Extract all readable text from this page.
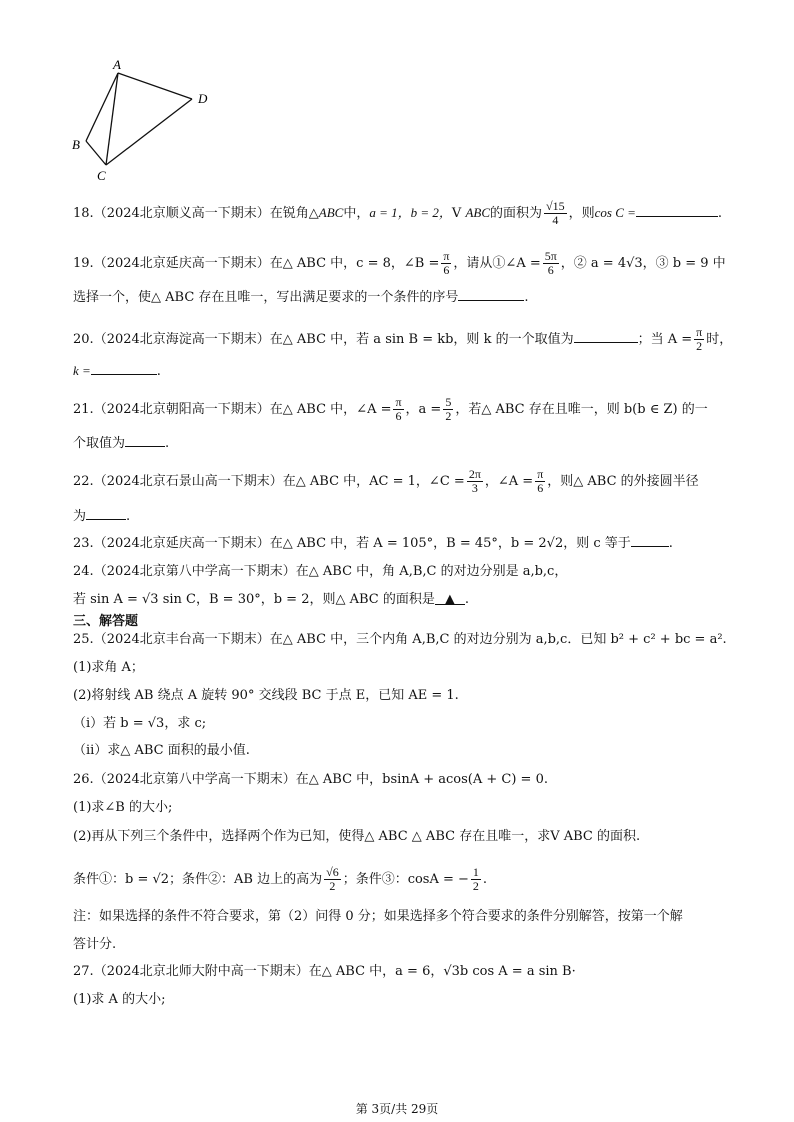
A
B
C
D
18.（2024北京顺义高一下期末）在锐角△ABC中，a = 1，b = 2，V ABC的面积为 $\frac{√15}{4}$ ，则cos C =	.
19.（2024北京延庆高一下期末）在△ ABC 中，c = 8，∠B = $\frac{\pi}{6}$ ，请从①∠A = $\frac{5\pi}{6}$ ，② a = 4√3，③ b = 9 中
选择一个，使△ ABC 存在且唯一，写出满足要求的一个条件的序号	.
20.（2024北京海淀高一下期末）在△ ABC 中，若 a sin B = kb，则 k 的一个取值为	；当 $A = \frac{\pi}{2}$ 时，
k =	.
21.（2024北京朝阳高一下期末）在△ ABC 中，∠A = $\frac{\pi}{6}$ ，$a = \frac{5}{2}$ ，若△ ABC 存在且唯一，则 b(b ∈ Z) 的一
个取值为	.
22.（2024北京石景山高一下期末）在△ ABC 中，AC = 1，∠C = $\frac{2\pi}{3}$ ，∠A = $\frac{\pi}{6}$ ，则△ ABC 的外接圆半径
为	.
23.（2024北京延庆高一下期末）在△ ABC 中，若 A = 105°，B = 45°，b = 2√2，则 c 等于	.
24.（2024北京第八中学高一下期末）在△ ABC 中，角 A,B,C 的对边分别是 a,b,c，
若 sin A = √3 sin C，B = 30°，b = 2，则△ ABC 的面积是 ▲ .
三、解答题
25.（2024北京丰台高一下期末）在△ ABC 中，三个内角 A,B,C 的对边分别为 a,b,c．已知 b² + c² + bc = a².
(1)求角 A；
(2)将射线 AB 绕点 A 旋转 90° 交线段 BC 于点 E，已知 AE = 1.
（i）若 b = √3，求 c;
（ii）求△ ABC 面积的最小值.
26.（2024北京第八中学高一下期末）在△ ABC 中，bsinA + acos(A + C) = 0.
(1)求∠B 的大小;
(2)再从下列三个条件中，选择两个作为已知，使得△ ABC △ ABC 存在且唯一，求V ABC 的面积.
条件①：b = √2；条件②：AB 边上的高为 $\frac{√6}{2}$ ；条件③：cosA = − $\frac{1}{2}$ .
注：如果选择的条件不符合要求，第（2）问得 0 分；如果选择多个符合要求的条件分别解答，按第一个解
答计分.
27.（2024北京北师大附中高一下期末）在△ ABC 中，a = 6，√3b cos A = a sin B·
(1)求 A 的大小;
第 3页/共 29页
